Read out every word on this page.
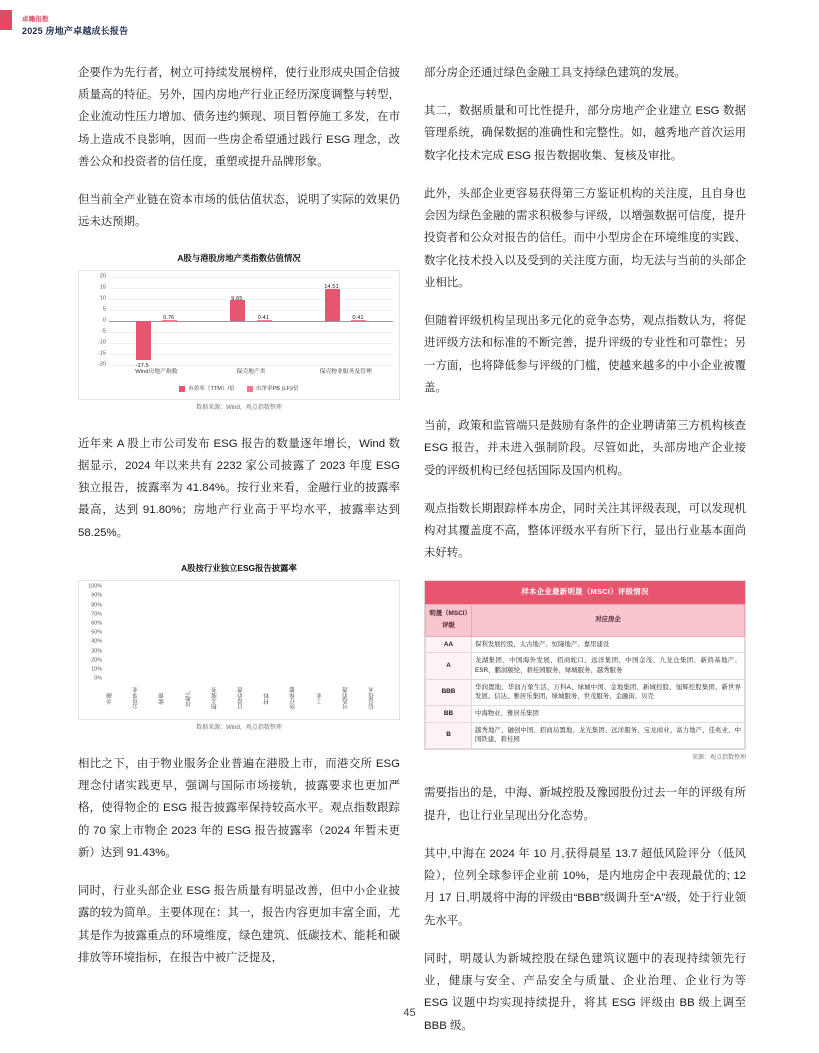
卓瞻指数
2025 房地产卓越成长报告

企要作为先行者，树立可持续发展榜样，使行业形成央国企信披质量高的特征。另外，国内房地产行业正经历深度调整与转型，企业流动性压力增加、债务违约频现、项目暂停施工多发，在市场上造成不良影响，因而一些房企希望通过践行 ESG 理念，改善公众和投资者的信任度，重塑或提升品牌形象。

但当前全产业链在资本市场的低估值状态，说明了实际的效果仍远未达预期。

A股与港股房地产类指数估值情况
20
15
10
5
0
-5
-10
-15
-20	-17.5
0.76
9.65
0.41
14.51
0.41
Wind房地产指数	保壳地产类	保壳物业服务及管理
市盈率（TTM）/倍	市净率PB (LF)/倍
数据来源：Wind，观点指数整理

近年来 A 股上市公司发布 ESG 报告的数量逐年增长，Wind 数据显示，2024 年以来共有 2232 家公司披露了 2023 年度 ESG 独立报告，披露率为 41.84%。按行业来看，金融行业的披露率最高，达到 91.80%；房地产行业高于平均水平，披露率达到 58.25%。

A股按行业独立ESG报告披露率
100%
90%
80%
70%
60%
50%
40%
30%
20%
10%
0%
金融	公用事业	能源	房地产	相关服务	日常消费	材料	医疗保健	工业	可选消费	信息技术
数据来源：Wind，观点指数整理

相比之下，由于物业服务企业普遍在港股上市，而港交所 ESG 理念付诸实践更早，强调与国际市场接轨，披露要求也更加严格，使得物企的 ESG 报告披露率保持较高水平。观点指数跟踪的 70 家上市物企 2023 年的 ESG 报告披露率（2024 年暂未更新）达到 91.43%。

同时，行业头部企业 ESG 报告质量有明显改善，但中小企业披露的较为简单。主要体现在：其一，报告内容更加丰富全面，尤其是作为披露重点的环境维度，绿色建筑、低碳技术、能耗和碳排放等环境指标，在报告中被广泛提及，

部分房企还通过绿色金融工具支持绿色建筑的发展。

其二，数据质量和可比性提升，部分房地产企业建立 ESG 数据管理系统，确保数据的准确性和完整性。如，越秀地产首次运用数字化技术完成 ESG 报告数据收集、复核及审批。

此外，头部企业更容易获得第三方鉴证机构的关注度，且自身也会因为绿色金融的需求积极参与评级，以增强数据可信度，提升投资者和公众对报告的信任。而中小型房企在环境维度的实践、数字化技术投入以及受到的关注度方面，均无法与当前的头部企业相比。

但随着评级机构呈现出多元化的竞争态势，观点指数认为，将促进评级方法和标准的不断完善，提升评级的专业性和可靠性；另一方面，也将降低参与评级的门槛，使越来越多的中小企业被覆盖。

当前，政策和监管端只是鼓励有条件的企业聘请第三方机构核查 ESG 报告，并未进入强制阶段。尽管如此，头部房地产企业接受的评级机构已经包括国际及国内机构。

观点指数长期跟踪样本房企，同时关注其评级表现，可以发现机构对其覆盖度不高，整体评级水平有所下行，显出行业基本面尚未好转。

样本企业最新明晟（MSCI）评级情况
明晟（MSCI）评级	对应房企
AA	保利发展控股、太古地产、恒隆地产、嘉里建设
A	龙湖集团、中国海外发展、招商蛇口、远洋集团、中国金茂、九龙仓集团、新鸿基地产、ESR、鹏润颐纶、碧桂园服务、绿城服务、越秀服务
BBB	华润置地、华润万象生活、万科A、绿城中国、金地集团、新城控股、旭辉控股集团、新世界发展、信达、雅居乐集团、绿城服务、世茂服务、金融街、贝壳
BB	中海物业、雅居乐集团
B	越秀地产、融创中国、招商局置地、龙光集团、远洋服务、宝龙商业、富力地产、佳兆业、中国铁建、碧桂园
来源：观点指数整理

需要指出的是，中海、新城控股及豫园股份过去一年的评级有所提升，也让行业呈现出分化态势。

其中,中海在 2024 年 10 月,获得晨星 13.7 超低风险评分（低风险），位列全球参评企业前 10%，是内地房企中表现最优的; 12 月 17 日,明晟将中海的评级由“BBB”级调升至“A”级，处于行业领先水平。

同时，明晟认为新城控股在绿色建筑议题中的表现持续领先行业，健康与安全、产品安全与质量、企业治理、企业行为等 ESG 议题中均实现持续提升，将其 ESG 评级由 BB 级上调至 BBB 级。

45
